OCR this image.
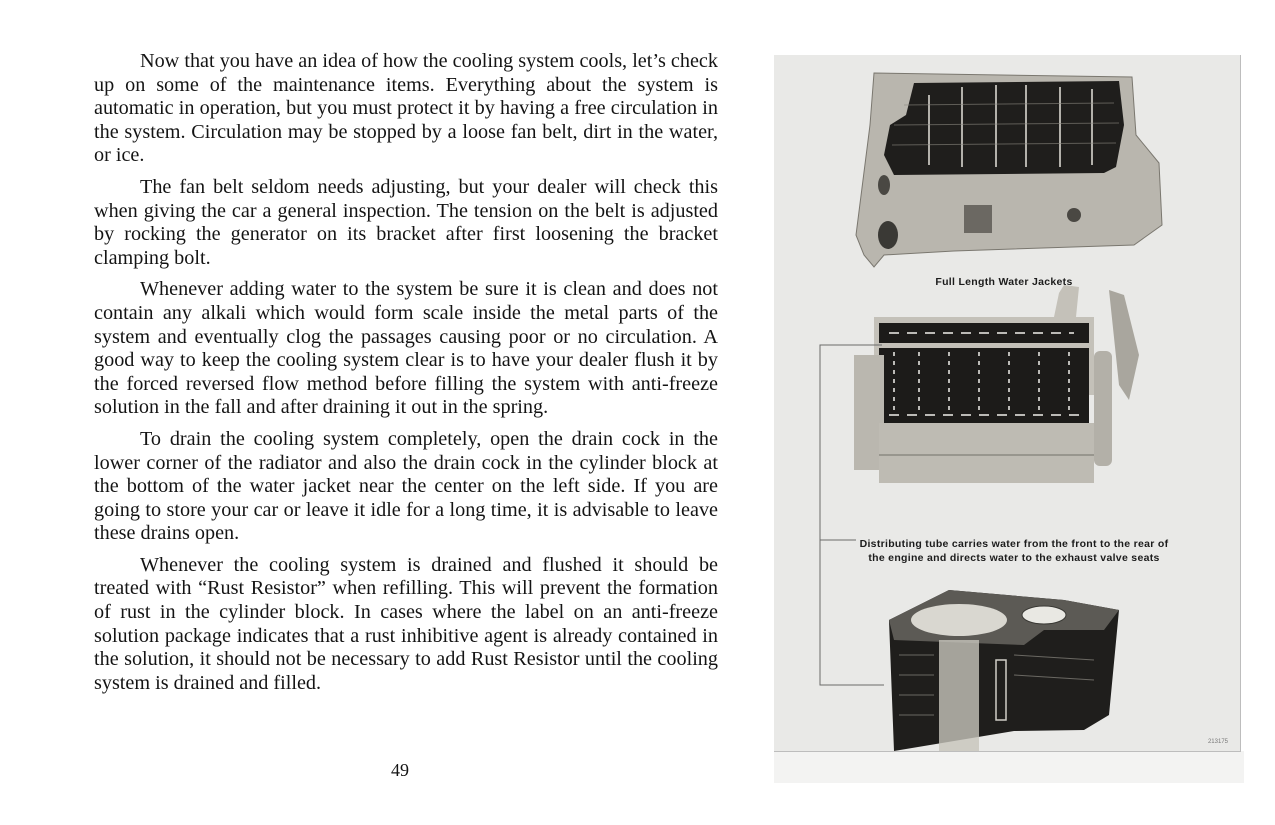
Now that you have an idea of how the cooling system cools, let’s check up on some of the maintenance items. Everything about the system is automatic in operation, but you must protect it by having a free circulation in the system. Circulation may be stopped by a loose fan belt, dirt in the water, or ice.

The fan belt seldom needs adjusting, but your dealer will check this when giving the car a general inspection. The tension on the belt is adjusted by rocking the generator on its bracket after first loosening the bracket clamping bolt.

Whenever adding water to the system be sure it is clean and does not contain any alkali which would form scale inside the metal parts of the system and eventually clog the passages causing poor or no circulation. A good way to keep the cooling system clear is to have your dealer flush it by the forced reversed flow method before filling the system with anti-freeze solution in the fall and after draining it out in the spring.

To drain the cooling system completely, open the drain cock in the lower corner of the radiator and also the drain cock in the cylinder block at the bottom of the water jacket near the center on the left side. If you are going to store your car or leave it idle for a long time, it is advisable to leave these drains open.

Whenever the cooling system is drained and flushed it should be treated with “Rust Resistor” when refilling. This will prevent the formation of rust in the cylinder block. In cases where the label on an anti-freeze solution package indicates that a rust inhibitive agent is already contained in the solution, it should not be necessary to add Rust Resistor until the cooling system is drained and filled.

49
Full Length Water Jackets
Distributing tube carries water from the front to the rear of the engine and directs water to the exhaust valve seats
213175
